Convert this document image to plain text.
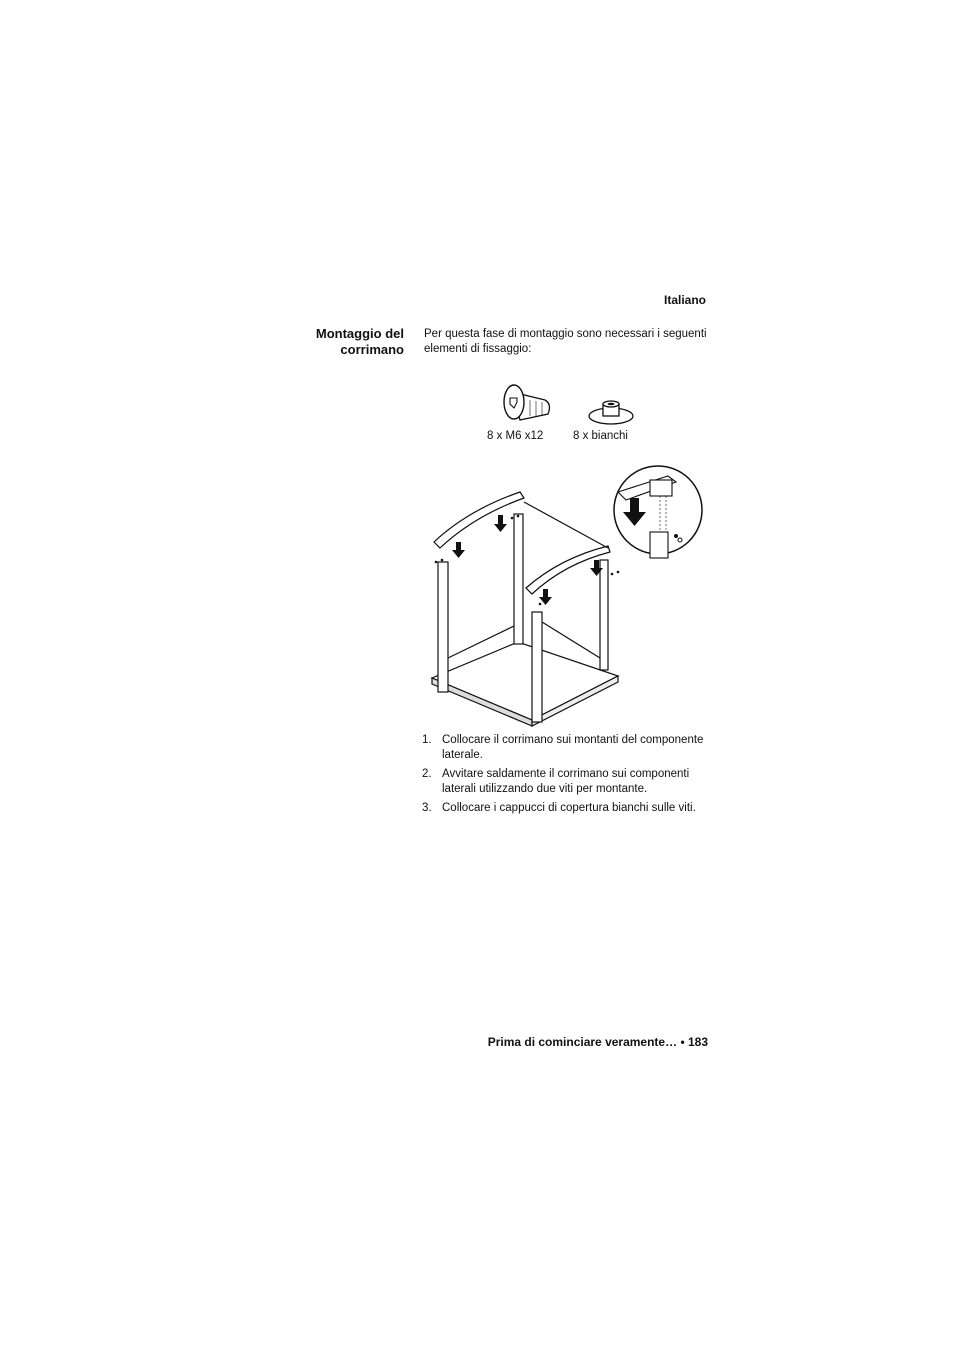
Italiano
Montaggio del
corrimano
Per questa fase di montaggio sono necessari i seguenti elementi di fissaggio:
8 x M6 x12	8 x bianchi
1. Collocare il corrimano sui montanti del componente laterale.
2. Avvitare saldamente il corrimano sui componenti laterali utilizzando due viti per montante.
3. Collocare i cappucci di copertura bianchi sulle viti.
Prima di cominciare veramente… • 183
